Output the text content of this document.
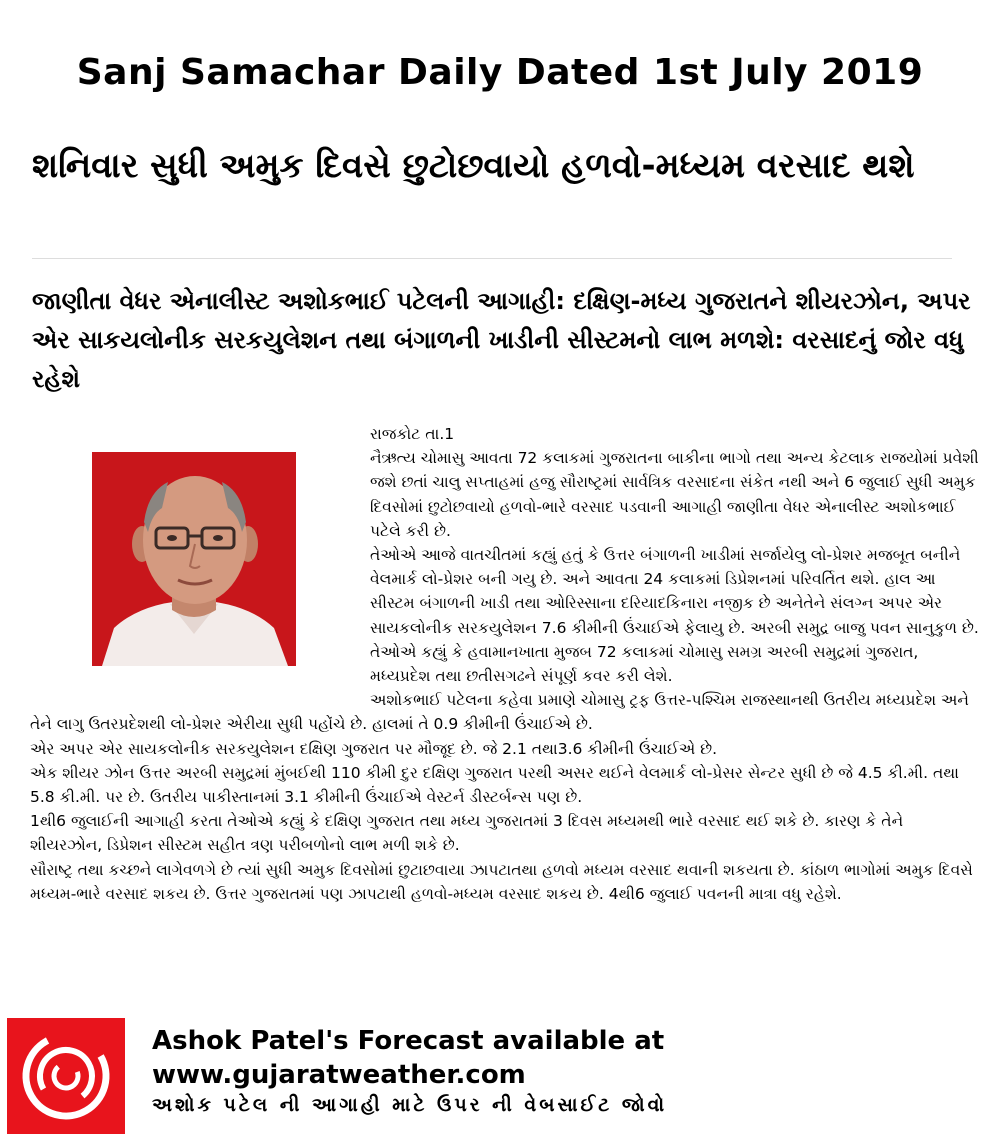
Sanj Samachar Daily Dated 1st July 2019
શનિવાર સુધી અમુક દિવસે છુટોછવાયો હળવો-મધ્યમ વરસાદ થશે
જાણીતા વેધર એનાલીસ્ટ અશોકભાઈ પટેલની આગાહી: દક્ષિણ-મધ્ય ગુજરાતને શીયરઝોન, અપર એર સાકયલોનીક સરકયુલેશન તથા બંગાળની ખાડીની સીસ્ટમનો લાભ મળશે: વરસાદનું જોર વધુ રહેશે

રાજકોટ તા.1

નૈઋત્ય ચોમાસુ આવતા 72 કલાકમાં ગુજરાતના બાકીના ભાગો તથા અન્ય કેટલાક રાજયોમાં પ્રવેશી જશે છતાં ચાલુ સપ્તાહમાં હજુ સૌરાષ્ટ્રમાં સાર્વત્રિક વરસાદના સંકેત નથી અને 6 જુલાઈ સુધી અમુક દિવસોમાં છુટોછવાયો હળવો-ભારે વરસાદ પડવાની આગાહી જાણીતા વેધર એનાલીસ્ટ અશોકભાઈ પટેલે કરી છે.

તેઓએ આજે વાતચીતમાં કહ્યું હતું કે ઉત્તર બંગાળની ખાડીમાં સર્જાયેલુ લો-પ્રેશર મજબૂત બનીને વેલમાર્ક લો-પ્રેશર બની ગયુ છે. અને આવતા 24 કલાકમાં ડિપ્રેશનમાં પરિવર્તિત થશે. હાલ આ સીસ્ટમ બંગાળની ખાડી તથા ઓરિસ્સાના દરિયાદકિનારા નજીક છે અનેતેને સંલગ્ન અપર એર સાયકલોનીક સરકયુલેશન 7.6 કીમીની ઉંચાઈએ ફેલાયુ છે. અરબી સમુદ્ર બાજુ પવન સાનુકુળ છે.

તેઓએ કહ્યું કે હવામાનખાતા મુજબ 72 કલાકમાં ચોમાસુ સમગ્ર અરબી સમુદ્રમાં ગુજરાત, મધ્યપ્રદેશ તથા છતીસગઢને સંપૂર્ણ કવર કરી લેશે.

અશોકભાઈ પટેલના કહેવા પ્રમાણે ચોમાસુ ટ્રફ ઉત્તર-પશ્ચિમ રાજસ્થાનથી ઉતરીય મધ્યપ્રદેશ અને તેને લાગુ ઉતરપ્રદેશથી લો-પ્રેશર એરીયા સુધી પહોંચે છે. હાલમાં તે 0.9 કીમીની ઉંચાઈએ છે.

એર અપર એર સાયકલોનીક સરકયુલેશન દક્ષિણ ગુજરાત પર મૌજૂદ છે. જે 2.1 તથા3.6 કીમીની ઉંચાઈએ છે.

એક શીયર ઝોન ઉત્તર અરબી સમુદ્રમાં મુંબઈથી 110 કીમી દુર દક્ષિણ ગુજરાત પરથી અસર થઈને વેલમાર્ક લો-પ્રેસર સેન્ટર સુધી છે જે 4.5 કી.મી. તથા 5.8 કી.મી. પર છે. ઉતરીય પાકીસ્તાનમાં 3.1 કીમીની ઉંચાઈએ વેસ્ટર્ન ડીસ્ટર્બન્સ પણ છે.

1થી6 જુલાઈની આગાહી કરતા તેઓએ કહ્યું કે દક્ષિણ ગુજરાત તથા મધ્ય ગુજરાતમાં 3 દિવસ મધ્યમથી ભારે વરસાદ થઈ શકે છે. કારણ કે તેને શીયરઝોન, ડિપ્રેશન સીસ્ટમ સહીત ત્રણ પરીબળોનો લાભ મળી શકે છે.

સૌરાષ્ટ્ર તથા કચ્છને લાગેવળગે છે ત્યાં સુધી અમુક દિવસોમાં છુટાછવાયા ઝાપટાતથા હળવો મધ્યમ વરસાદ થવાની શકયતા છે. કાંઠાળ ભાગોમાં અમુક દિવસે મધ્યમ-ભારે વરસાદ શકય છે. ઉત્તર ગુજરાતમાં પણ ઝાપટાથી હળવો-મધ્યમ વરસાદ શકય છે. 4થી6 જુલાઈ પવનની માત્રા વધુ રહેશે.

Ashok Patel's Forecast available at
www.gujaratweather.com
અશોક પટેલ ની આગાહી માટે ઉપર ની વેબસાઈટ જોવો
